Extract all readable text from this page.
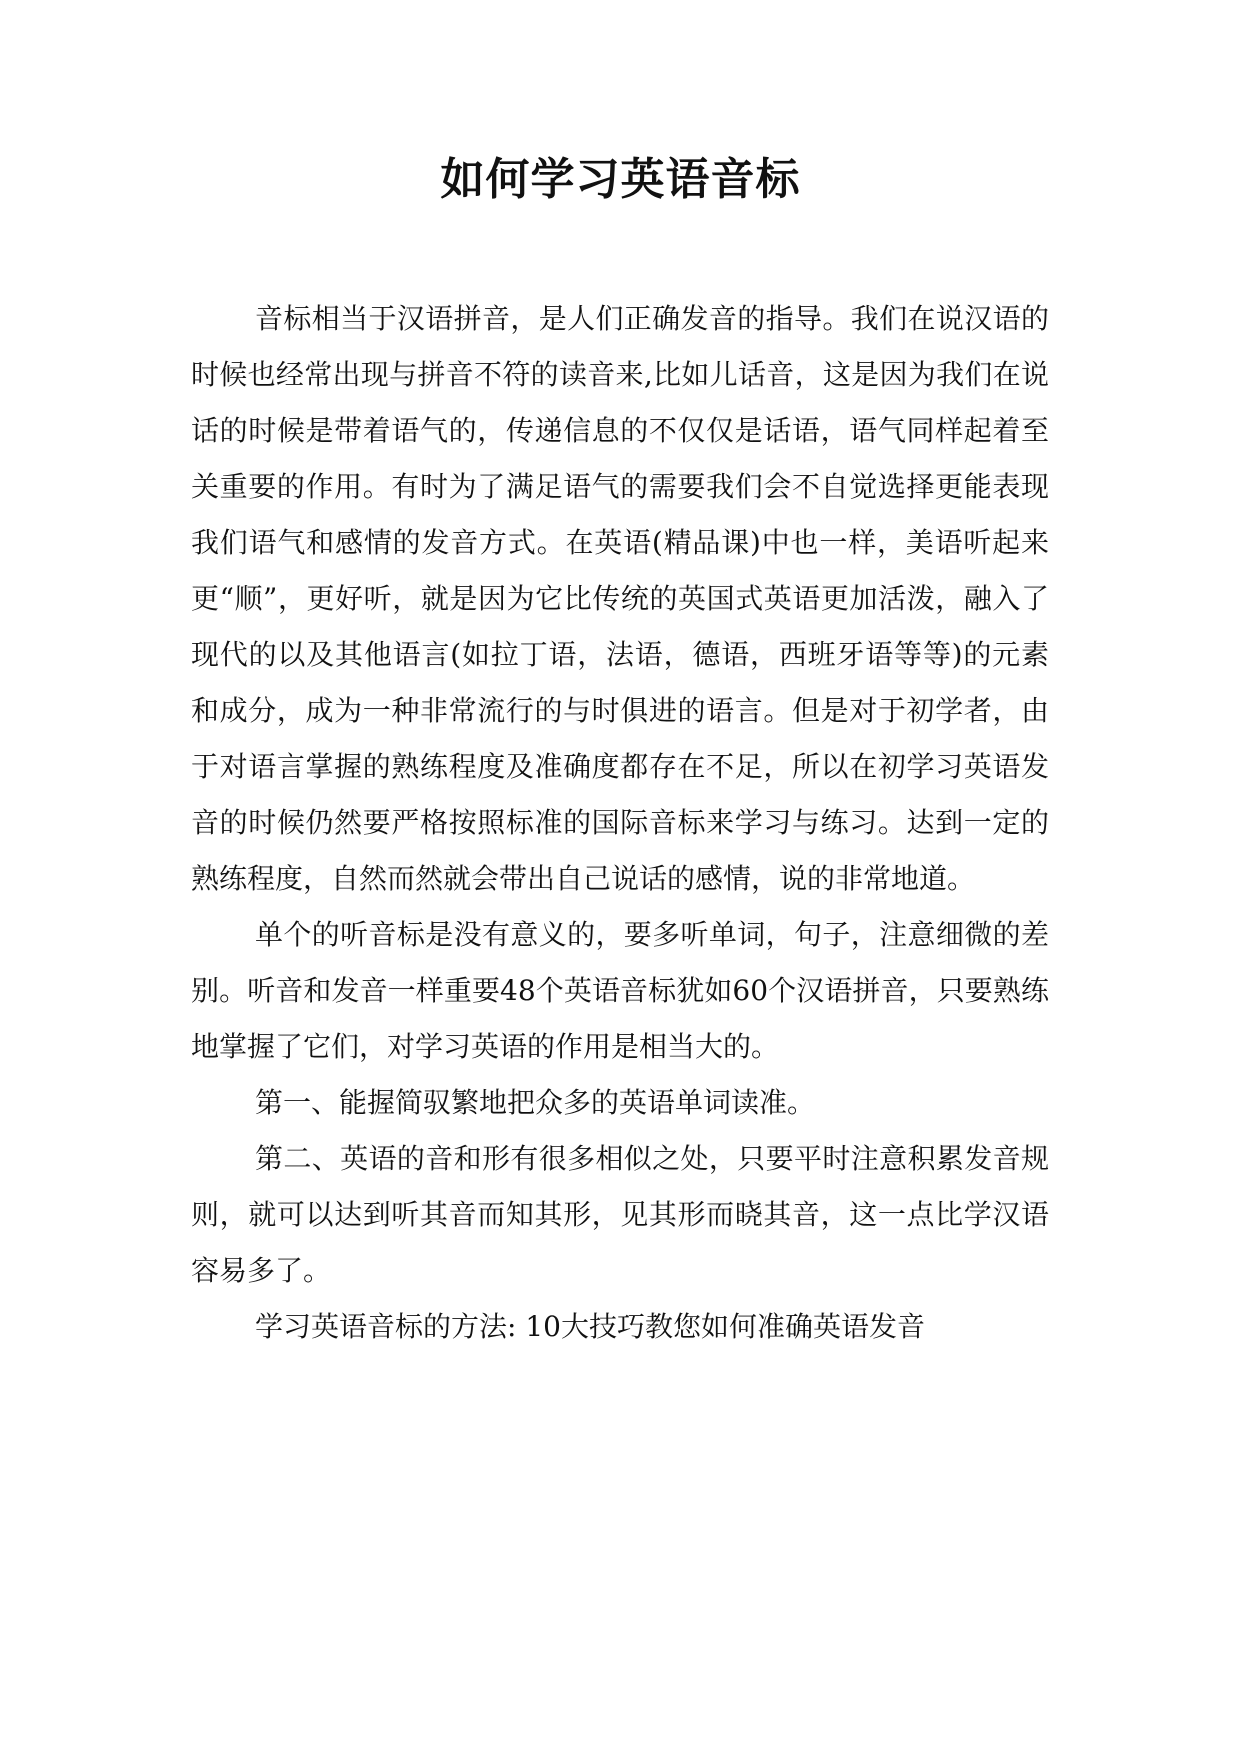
如何学习英语音标

音标相当于汉语拼音，是人们正确发音的指导。我们在说汉语的时候也经常出现与拼音不符的读音来,比如儿话音，这是因为我们在说话的时候是带着语气的，传递信息的不仅仅是话语，语气同样起着至关重要的作用。有时为了满足语气的需要我们会不自觉选择更能表现我们语气和感情的发音方式。在英语(精品课)中也一样，美语听起来更“顺”，更好听，就是因为它比传统的英国式英语更加活泼，融入了现代的以及其他语言(如拉丁语，法语，德语，西班牙语等等)的元素和成分，成为一种非常流行的与时俱进的语言。但是对于初学者，由于对语言掌握的熟练程度及准确度都存在不足，所以在初学习英语发音的时候仍然要严格按照标准的国际音标来学习与练习。达到一定的熟练程度，自然而然就会带出自己说话的感情，说的非常地道。

单个的听音标是没有意义的，要多听单词，句子，注意细微的差别。听音和发音一样重要48个英语音标犹如60个汉语拼音，只要熟练地掌握了它们，对学习英语的作用是相当大的。

第一、能握简驭繁地把众多的英语单词读准。

第二、英语的音和形有很多相似之处，只要平时注意积累发音规则，就可以达到听其音而知其形，见其形而晓其音，这一点比学汉语容易多了。

学习英语音标的方法: 10大技巧教您如何准确英语发音
